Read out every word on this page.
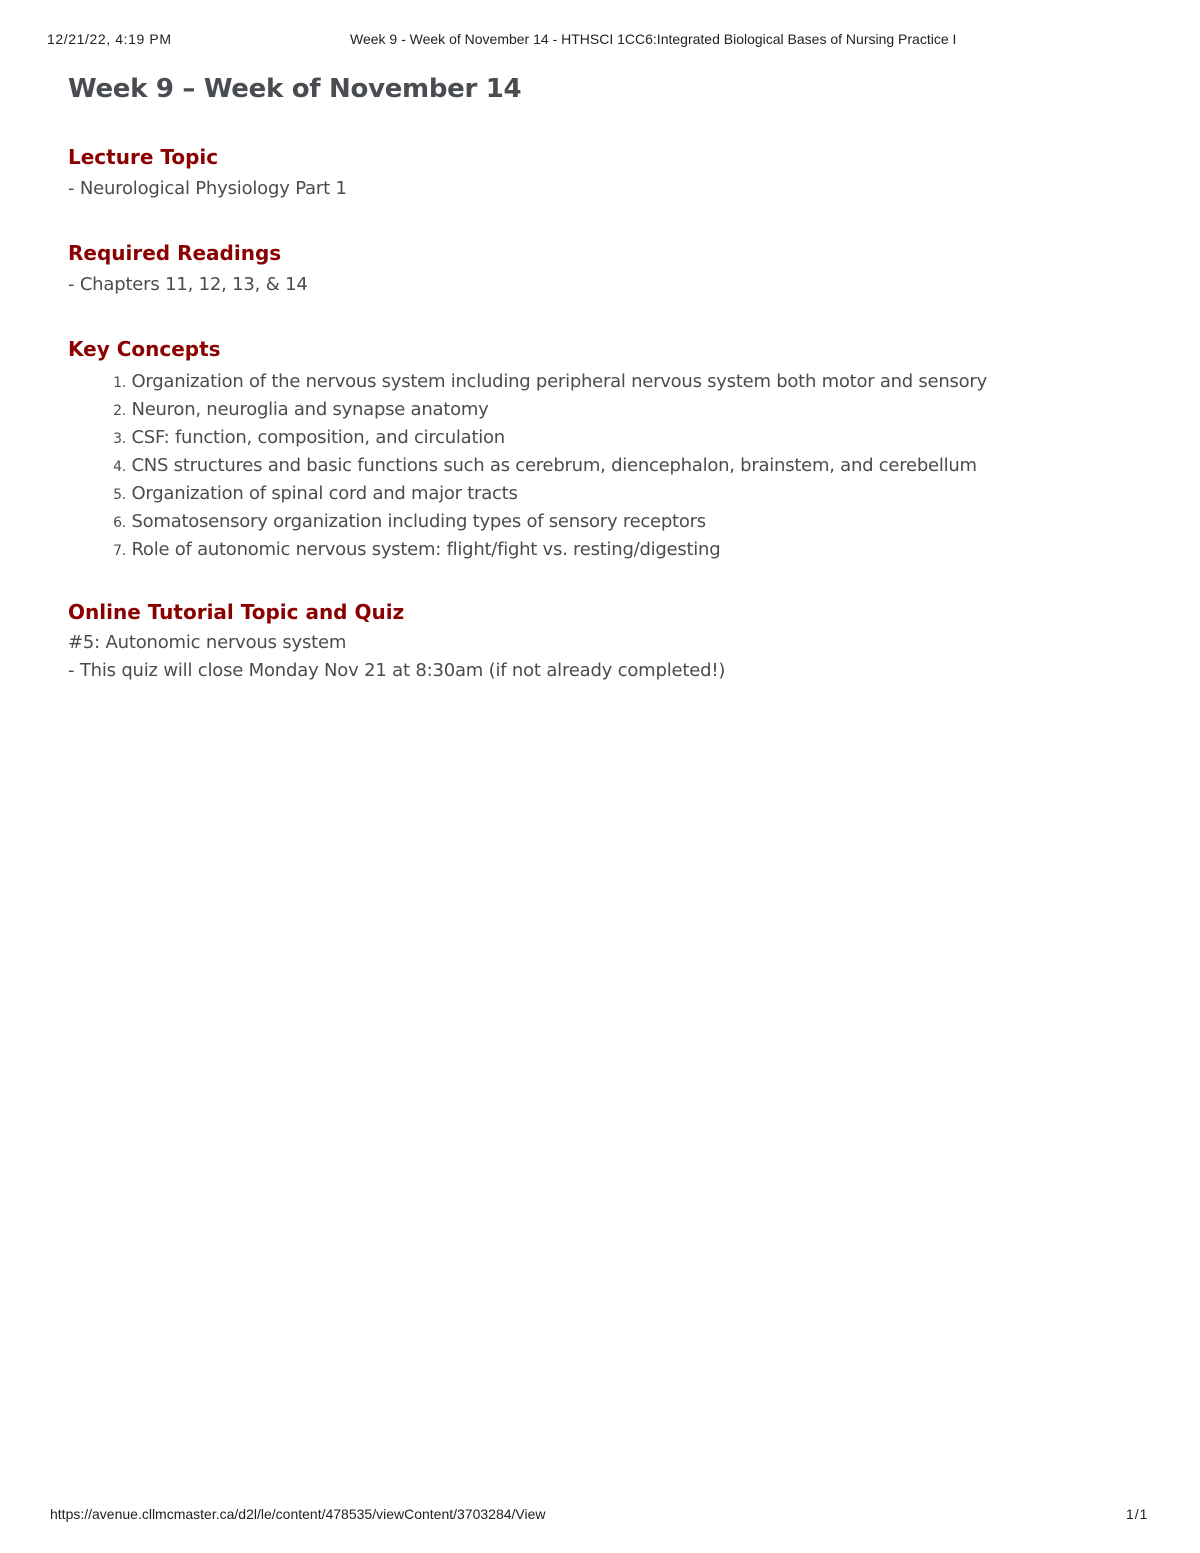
12/21/22, 4:19 PM	Week 9 - Week of November 14 - HTHSCI 1CC6:Integrated Biological Bases of Nursing Practice I
Week 9 – Week of November 14
Lecture Topic
- Neurological Physiology Part 1
Required Readings
- Chapters 11, 12, 13, & 14
Key Concepts
1. Organization of the nervous system including peripheral nervous system both motor and sensory
2. Neuron, neuroglia and synapse anatomy
3. CSF: function, composition, and circulation
4. CNS structures and basic functions such as cerebrum, diencephalon, brainstem, and cerebellum
5. Organization of spinal cord and major tracts
6. Somatosensory organization including types of sensory receptors
7. Role of autonomic nervous system: flight/fight vs. resting/digesting
Online Tutorial Topic and Quiz
#5: Autonomic nervous system
- This quiz will close Monday Nov 21 at 8:30am (if not already completed!)
https://avenue.cllmcmaster.ca/d2l/le/content/478535/viewContent/3703284/View	1/1
